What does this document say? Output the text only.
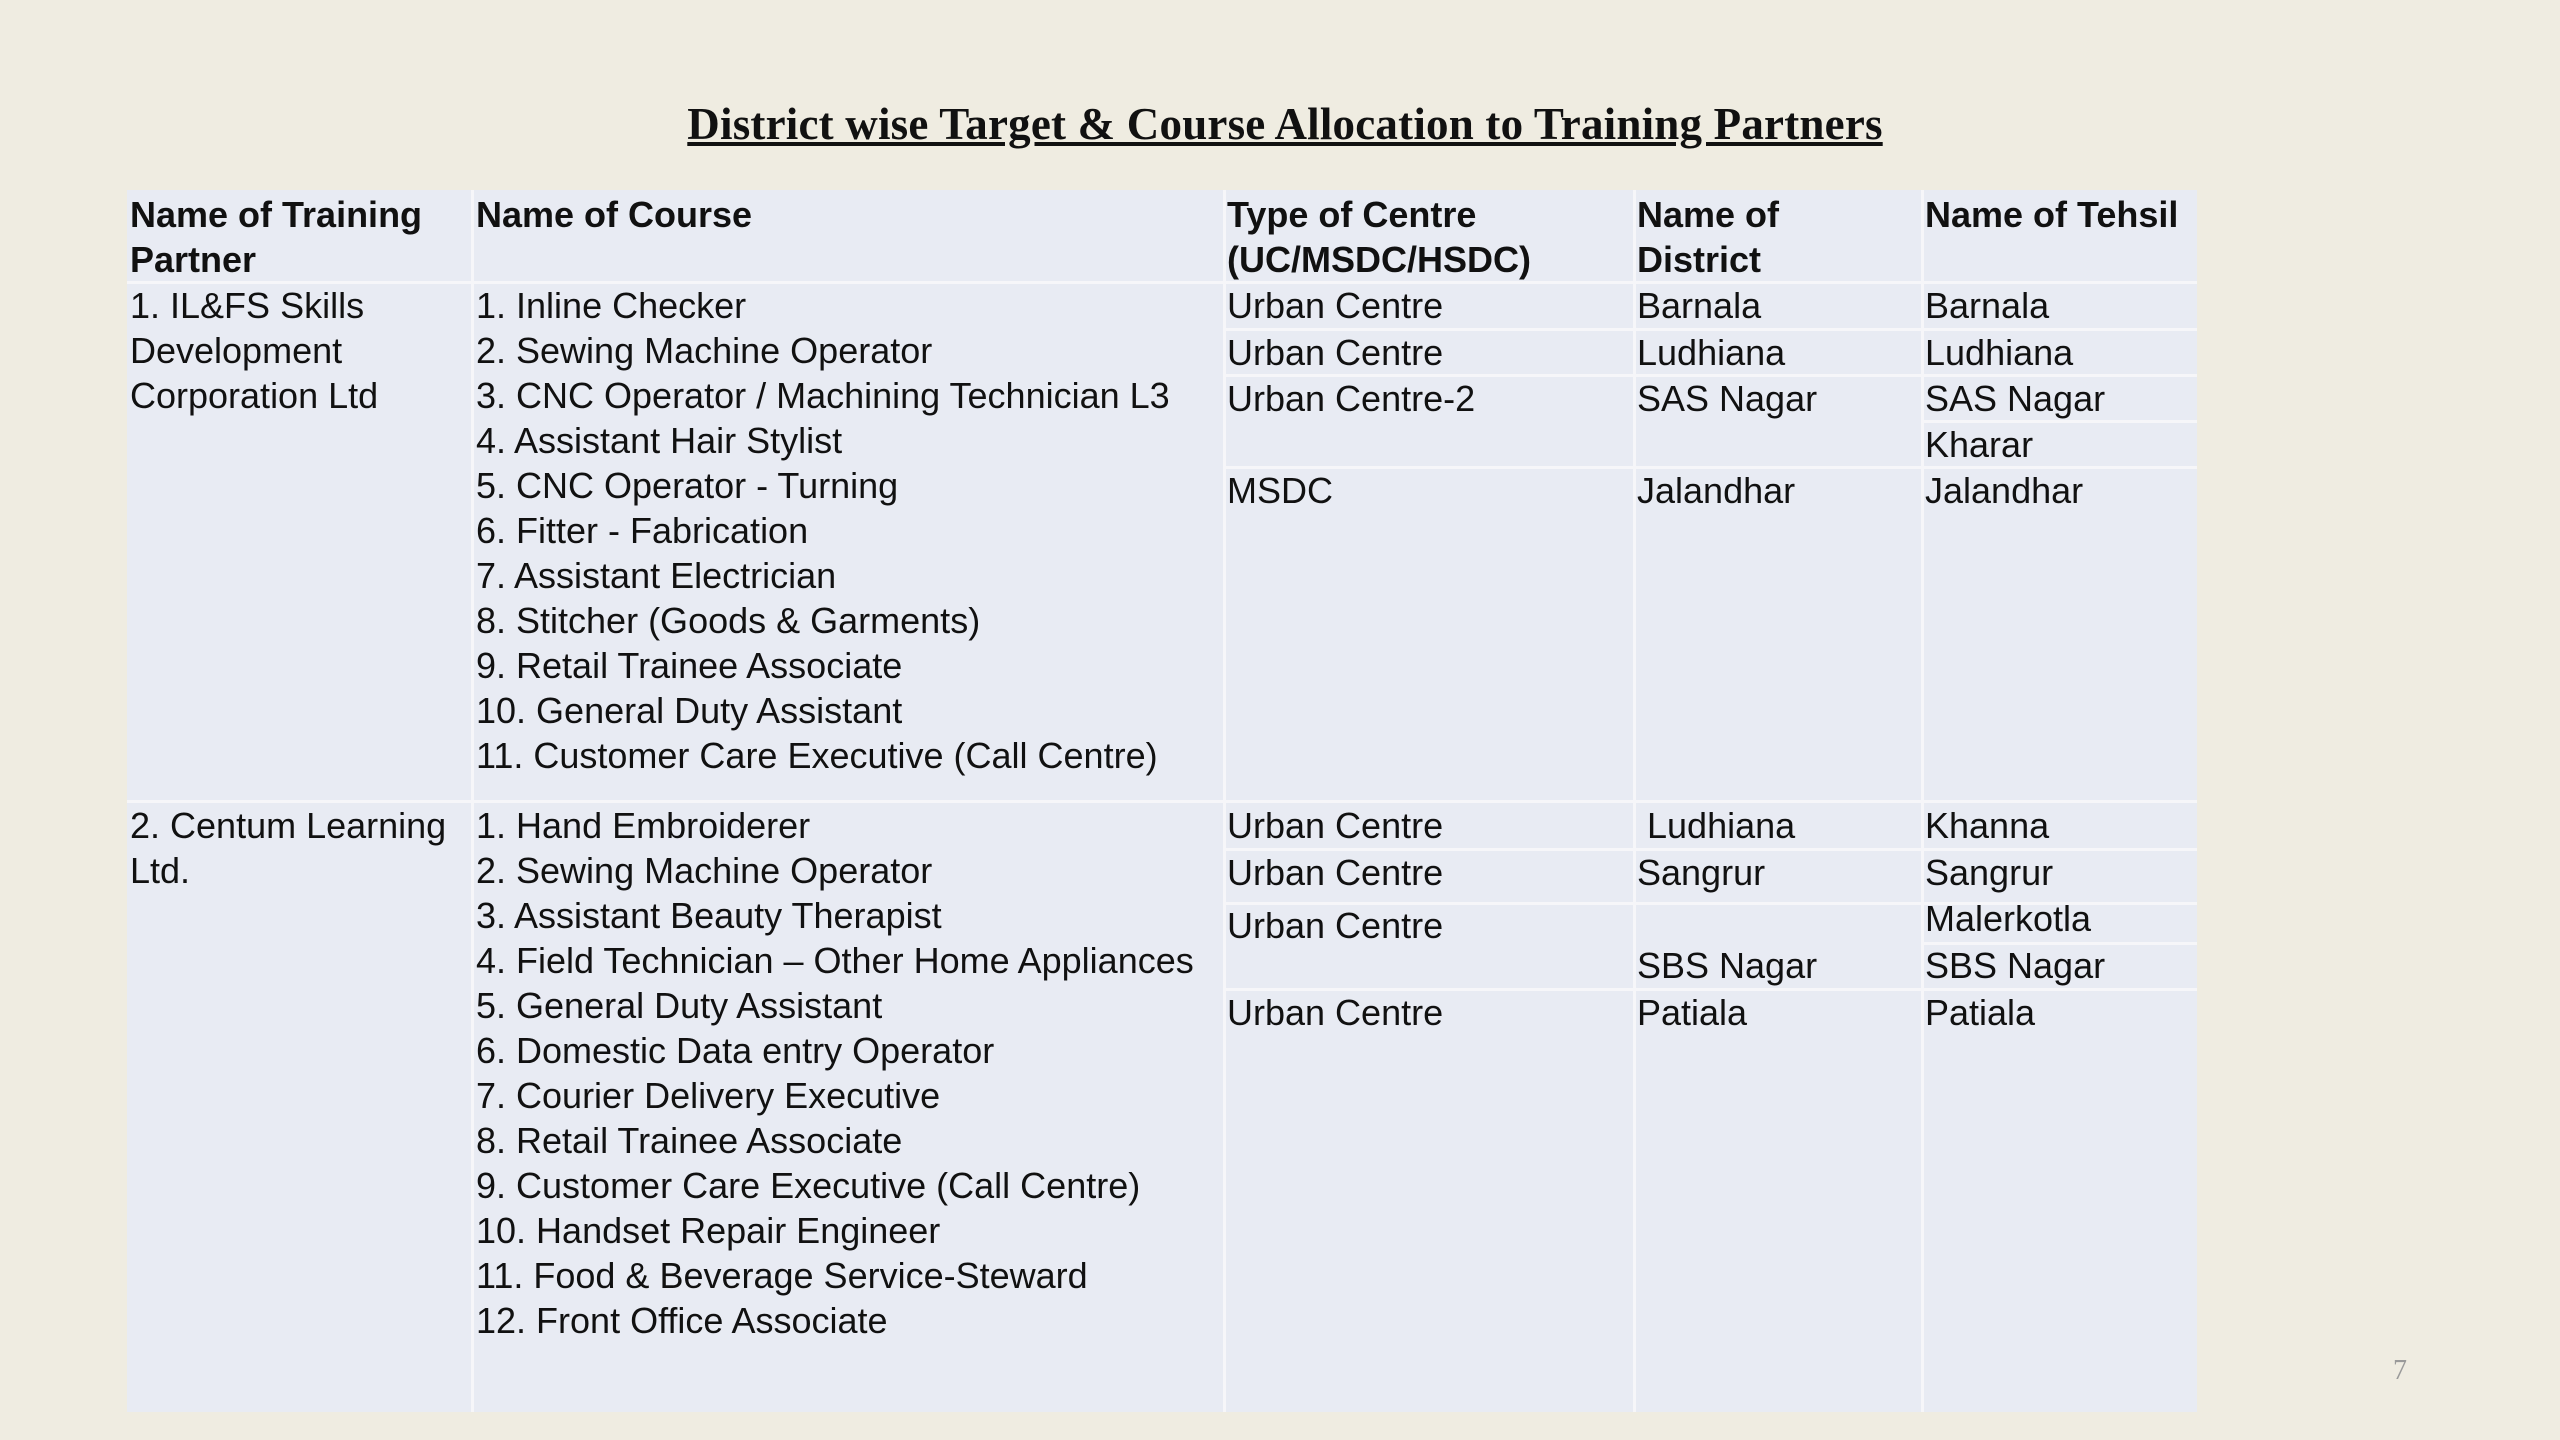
District wise Target & Course Allocation to Training Partners
Name of Training
Partner
Name of Course	Type of Centre
(UC/MSDC/HSDC)
Name of
District
Name of Tehsil
1. IL&FS Skills
Development
Corporation Ltd
1. Inline Checker
2. Sewing Machine Operator
3. CNC Operator / Machining Technician L3
4. Assistant Hair Stylist
5. CNC Operator - Turning
6. Fitter - Fabrication
7. Assistant Electrician
8. Stitcher (Goods & Garments)
9. Retail Trainee Associate
10. General Duty Assistant
11. Customer Care Executive (Call Centre)
Urban Centre
Urban Centre
Urban Centre-2
MSDC
Barnala
Ludhiana
SAS Nagar
Jalandhar
Barnala
Ludhiana
SAS Nagar
Kharar
Jalandhar
2. Centum Learning
Ltd.
1. Hand Embroiderer
2. Sewing Machine Operator
3. Assistant Beauty Therapist
4. Field Technician – Other Home Appliances
5. General Duty Assistant
6. Domestic Data entry Operator
7. Courier Delivery Executive
8. Retail Trainee Associate
9. Customer Care Executive (Call Centre)
10. Handset Repair Engineer
11. Food & Beverage Service-Steward
12. Front Office Associate
Urban Centre
Urban Centre
Urban Centre
Urban Centre
Ludhiana
Sangrur
SBS Nagar
Patiala
Khanna
Sangrur
Malerkotla
SBS Nagar
Patiala
7
